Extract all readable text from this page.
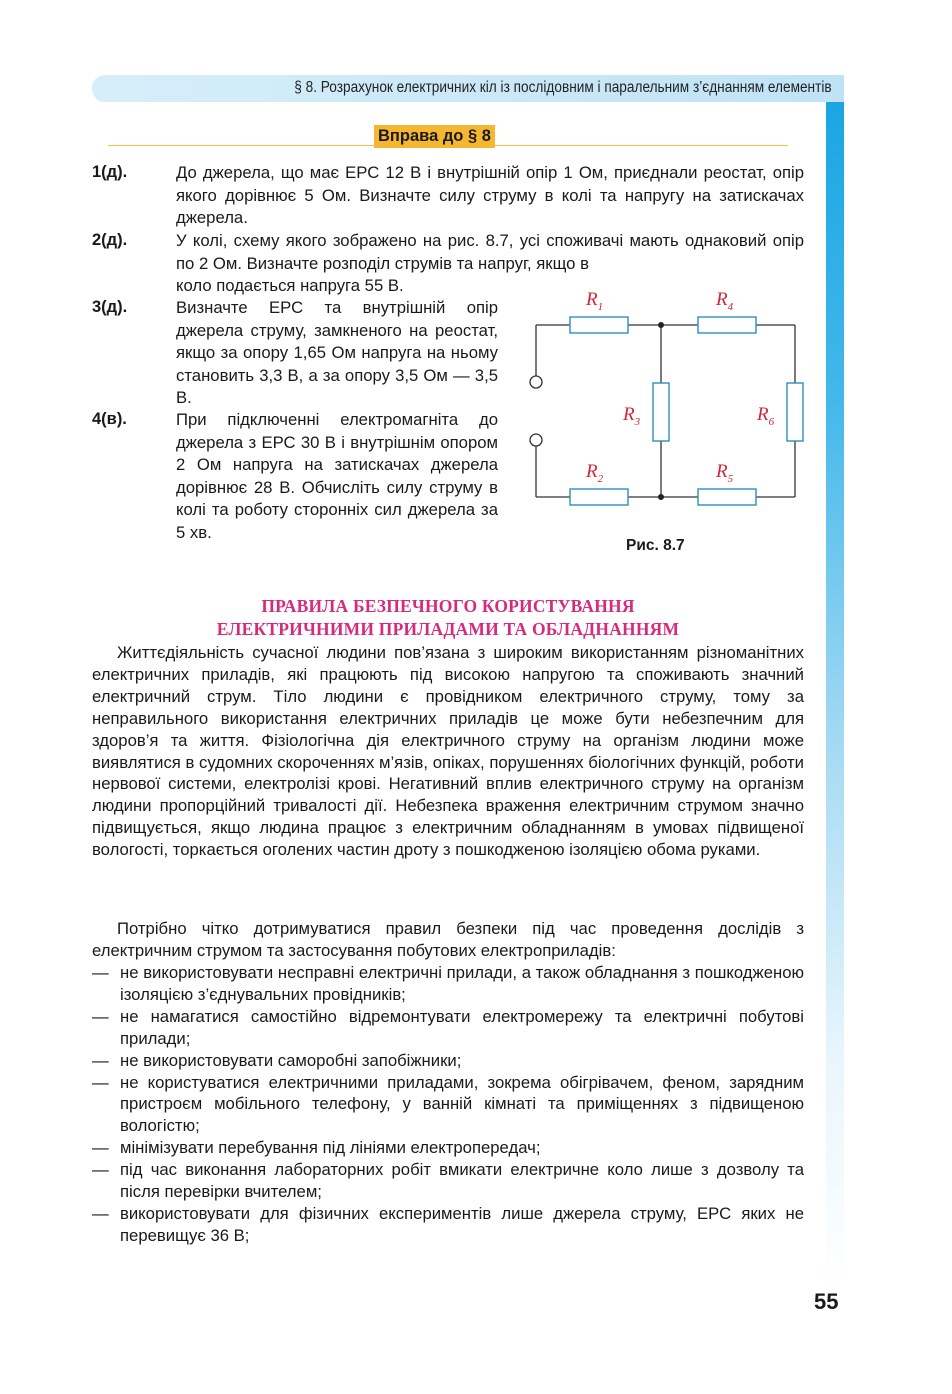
§ 8. Розрахунок електричних кіл із послідовним і паралельним з’єднанням елементів
Вправа до § 8
1(д).	До джерела, що має ЕРС 12 В і внутрішній опір 1 Ом, приєднали реостат, опір якого дорівнює 5 Ом. Визначте силу струму в колі та напругу на затискачах джерела.
2(д).	У колі, схему якого зображено на рис. 8.7, усі споживачі мають однаковий опір по 2 Ом. Визначте розподіл струмів та напруг, якщо в
коло подається напруга 55 В.
3(д).	Визначте ЕРС та внутрішній опір джерела струму, замкненого на реостат, якщо за опору 1,65 Ом напруга на ньому становить 3,3 В, а за опору 3,5 Ом — 3,5 В.
4(в).	При підключенні електромагніта до джерела з ЕРС 30 В і внутрішнім опором 2 Ом напруга на затискачах джерела дорівнює 28 В. Обчисліть силу струму в колі та роботу сторонніх сил джерела за 5 хв.
$R_1$	$R_4$
$R_2$	$R_5$
$R_3$	$R_6$
Рис. 8.7
ПРАВИЛА БЕЗПЕЧНОГО КОРИСТУВАННЯ
ЕЛЕКТРИЧНИМИ ПРИЛАДАМИ ТА ОБЛАДНАННЯМ
Життєдіяльність сучасної людини пов’язана з широким використанням різноманітних електричних приладів, які працюють під високою напругою та споживають значний електричний струм. Тіло людини є провідником електричного струму, тому за неправильного використання електричних приладів це може бути небезпечним для здоров’я та життя. Фізіологічна дія електричного струму на організм людини може виявлятися в судомних скороченнях м’язів, опіках, порушеннях біологічних функцій, роботи нервової системи, електролізі крові. Негативний вплив електричного струму на організм людини пропорційний тривалості дії. Небезпека враження електричним струмом значно підвищується, якщо людина працює з електричним обладнанням в умовах підвищеної вологості, торкається оголених частин дроту з пошкодженою ізоляцією обома руками.
Потрібно чітко дотримуватися правил безпеки під час проведення дослідів з електричним струмом та застосування побутових електроприладів:
— не використовувати несправні електричні прилади, а також обладнання з пошкодженою ізоляцією з’єднувальних провідників;
— не намагатися самостійно відремонтувати електромережу та електричні побутові прилади;
— не використовувати саморобні запобіжники;
— не користуватися електричними приладами, зокрема обігрівачем, феном, зарядним пристроєм мобільного телефону, у ванній кімнаті та приміщеннях з підвищеною вологістю;
— мінімізувати перебування під лініями електропередач;
— під час виконання лабораторних робіт вмикати електричне коло лише з дозволу та після перевірки вчителем;
— використовувати для фізичних експериментів лише джерела струму, ЕРС яких не перевищує 36 В;
55
